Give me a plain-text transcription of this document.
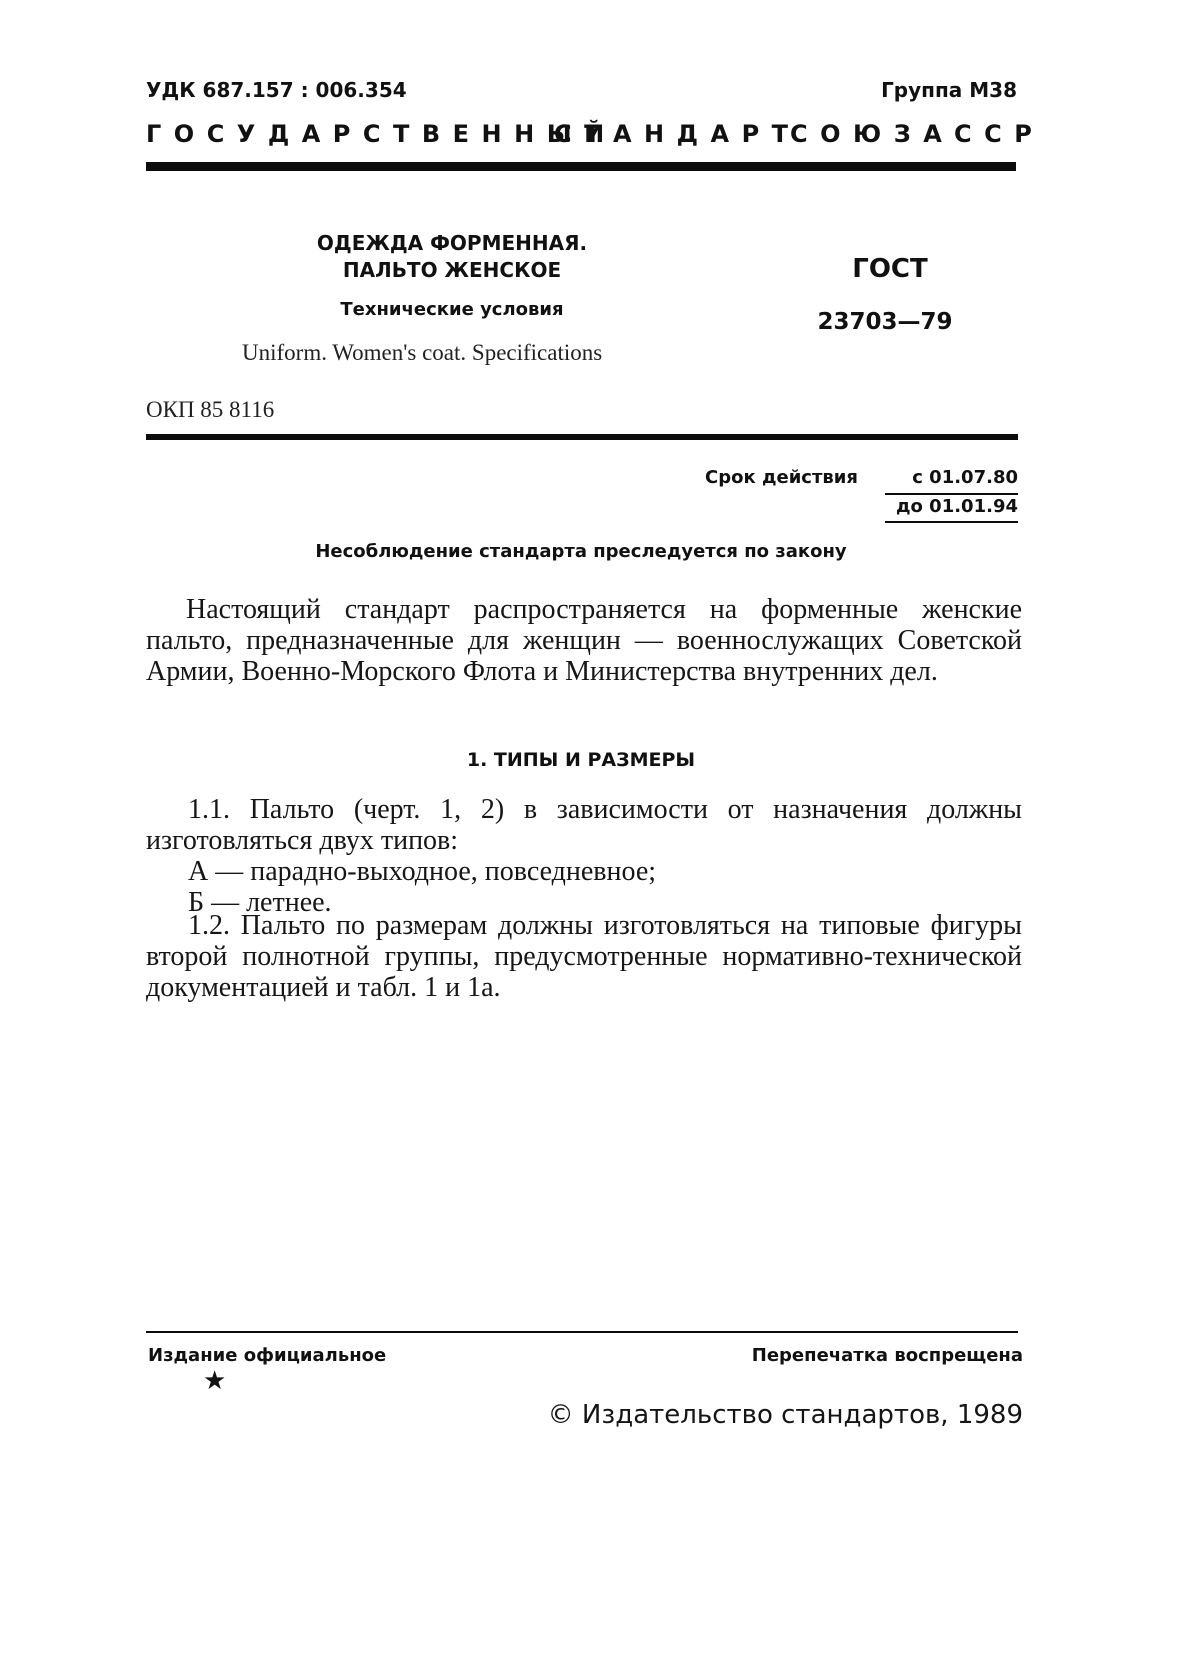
УДК 687.157 : 006.354	Группа М38
ГОСУДАРСТВЕННЫЙ
СТАНДАРТ
СОЮЗА ССР
ОДЕЖДА ФОРМЕННАЯ.
ПАЛЬТО ЖЕНСКОЕ
Технические условия
Uniform. Women's coat. Specifications
ГОСТ
23703—79
ОКП 85 8116
Срок действия	с 01.07.80
до 01.01.94
Несоблюдение стандарта преследуется по закону
Настоящий стандарт распространяется на форменные женские пальто, предназначенные для женщин — военнослужащих Советской Армии, Военно-Морского Флота и Министерства внутренних дел.
1. ТИПЫ И РАЗМЕРЫ
1.1. Пальто (черт. 1, 2) в зависимости от назначения должны изготовляться двух типов:
А — парадно-выходное, повседневное;
Б — летнее.
1.2. Пальто по размерам должны изготовляться на типовые фигуры второй полнотной группы, предусмотренные нормативно-технической документацией и табл. 1 и 1а.
Издание официальное	Перепечатка воспрещена
★
© Издательство стандартов, 1989
